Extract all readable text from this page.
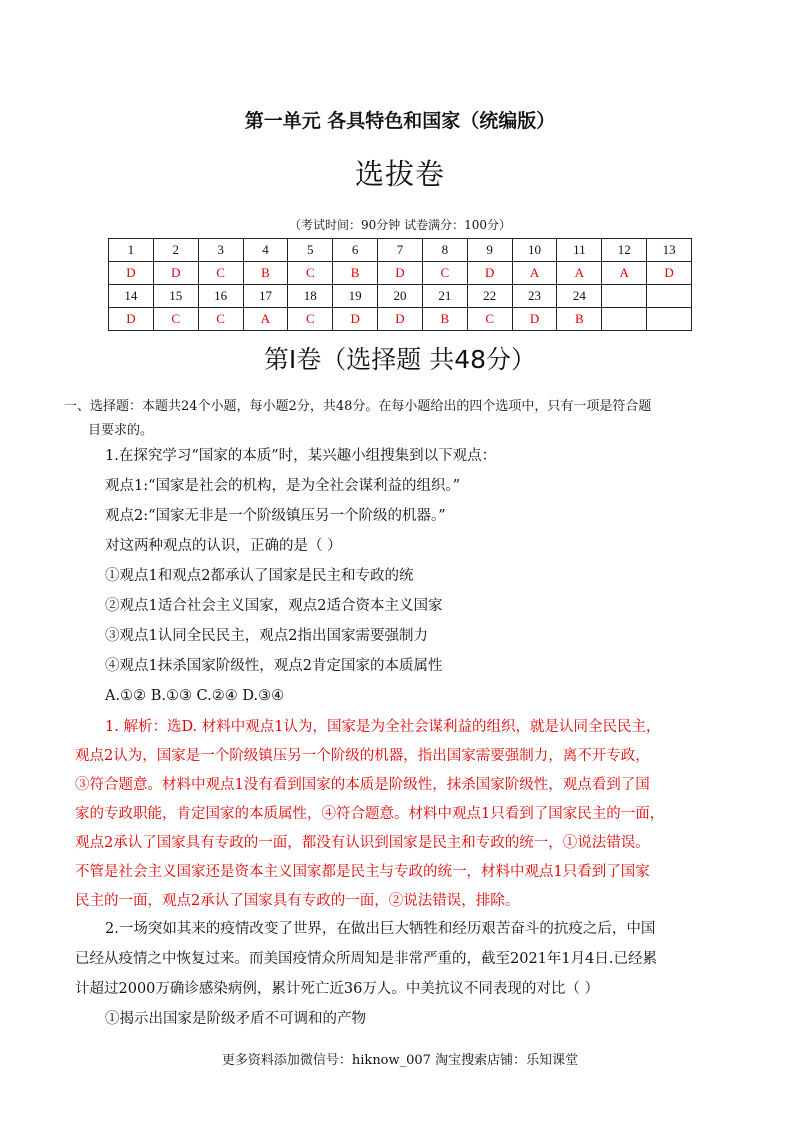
第一单元 各具特色和国家（统编版）
选拔卷
（考试时间：90分钟 试卷满分：100分）
1	2	3	4	5	6	7	8	9	10	11	12	13
D	D	C	B	C	B	D	C	D	A	A	A	D
14	15	16	17	18	19	20	21	22	23	24		
D	C	C	A	C	D	D	B	C	D	B		
第Ⅰ卷（选择题 共48分）
一、选择题：本题共24个小题，每小题2分，共48分。在每小题给出的四个选项中，只有一项是符合题
目要求的。
1.在探究学习“国家的本质”时，某兴趣小组搜集到以下观点：
观点1:“国家是社会的机构，是为全社会谋利益的组织。”
观点2:“国家无非是一个阶级镇压另一个阶级的机器。”
对这两种观点的认识，正确的是（ ）
①观点1和观点2都承认了国家是民主和专政的统
②观点1适合社会主义国家，观点2适合资本主义国家
③观点1认同全民民主，观点2指出国家需要强制力
④观点1抹杀国家阶级性，观点2肯定国家的本质属性
A.①② B.①③ C.②④ D.③④
1. 解析：选D. 材料中观点1认为，国家是为全社会谋利益的组织，就是认同全民民主，
观点2认为，国家是一个阶级镇压另一个阶级的机器，指出国家需要强制力，离不开专政，
③符合题意。材料中观点1没有看到国家的本质是阶级性，抹杀国家阶级性，观点看到了国
家的专政职能，肯定国家的本质属性，④符合题意。材料中观点1只看到了国家民主的一面，
观点2承认了国家具有专政的一面，都没有认识到国家是民主和专政的统一，①说法错误。
不管是社会主义国家还是资本主义国家都是民主与专政的统一，材料中观点1只看到了国家
民主的一面，观点2承认了国家具有专政的一面，②说法错误，排除。
2.一场突如其来的疫情改变了世界，在做出巨大牺牲和经历艰苦奋斗的抗疫之后，中国
已经从疫情之中恢复过来。而美国疫情众所周知是非常严重的，截至2021年1月4日.已经累
计超过2000万确诊感染病例，累计死亡近36万人。中美抗议不同表现的对比（ ）
①揭示出国家是阶级矛盾不可调和的产物
更多资料添加微信号：hiknow_007 淘宝搜索店铺：乐知课堂
